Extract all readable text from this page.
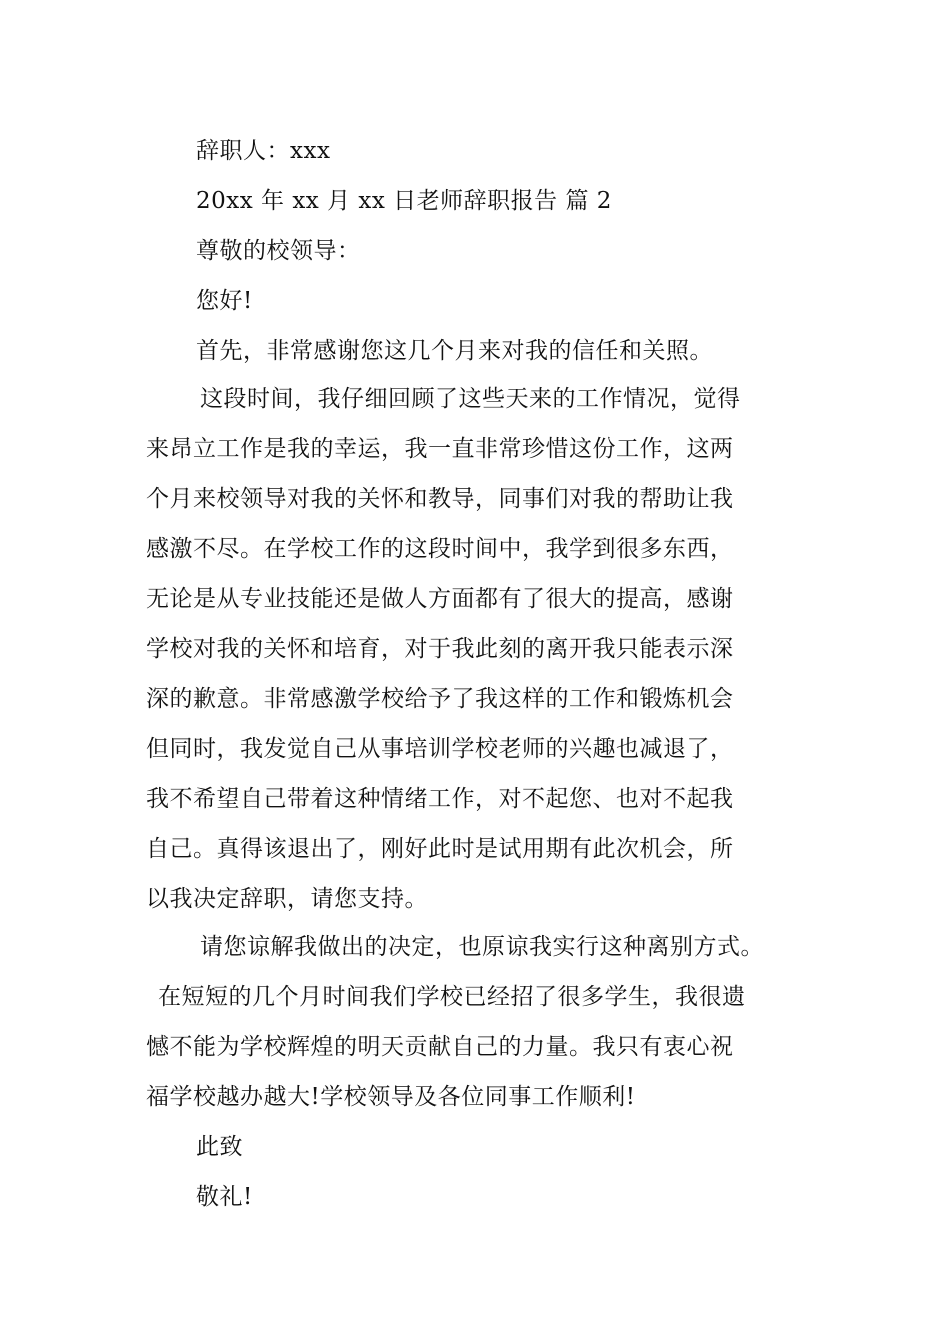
辞职人：xxx
20xx 年 xx 月 xx 日老师辞职报告 篇 2
尊敬的校领导：
您好!
首先，非常感谢您这几个月来对我的信任和关照。
这段时间，我仔细回顾了这些天来的工作情况，觉得
来昂立工作是我的幸运，我一直非常珍惜这份工作，这两
个月来校领导对我的关怀和教导，同事们对我的帮助让我
感激不尽。在学校工作的这段时间中，我学到很多东西，
无论是从专业技能还是做人方面都有了很大的提高，感谢
学校对我的关怀和培育，对于我此刻的离开我只能表示深
深的歉意。非常感激学校给予了我这样的工作和锻炼机会
但同时，我发觉自己从事培训学校老师的兴趣也减退了，
我不希望自己带着这种情绪工作，对不起您、也对不起我
自己。真得该退出了，刚好此时是试用期有此次机会，所
以我决定辞职，请您支持。
请您谅解我做出的决定，也原谅我实行这种离别方式。
在短短的几个月时间我们学校已经招了很多学生，我很遗
憾不能为学校辉煌的明天贡献自己的力量。我只有衷心祝
福学校越办越大!学校领导及各位同事工作顺利!
此致
敬礼!
